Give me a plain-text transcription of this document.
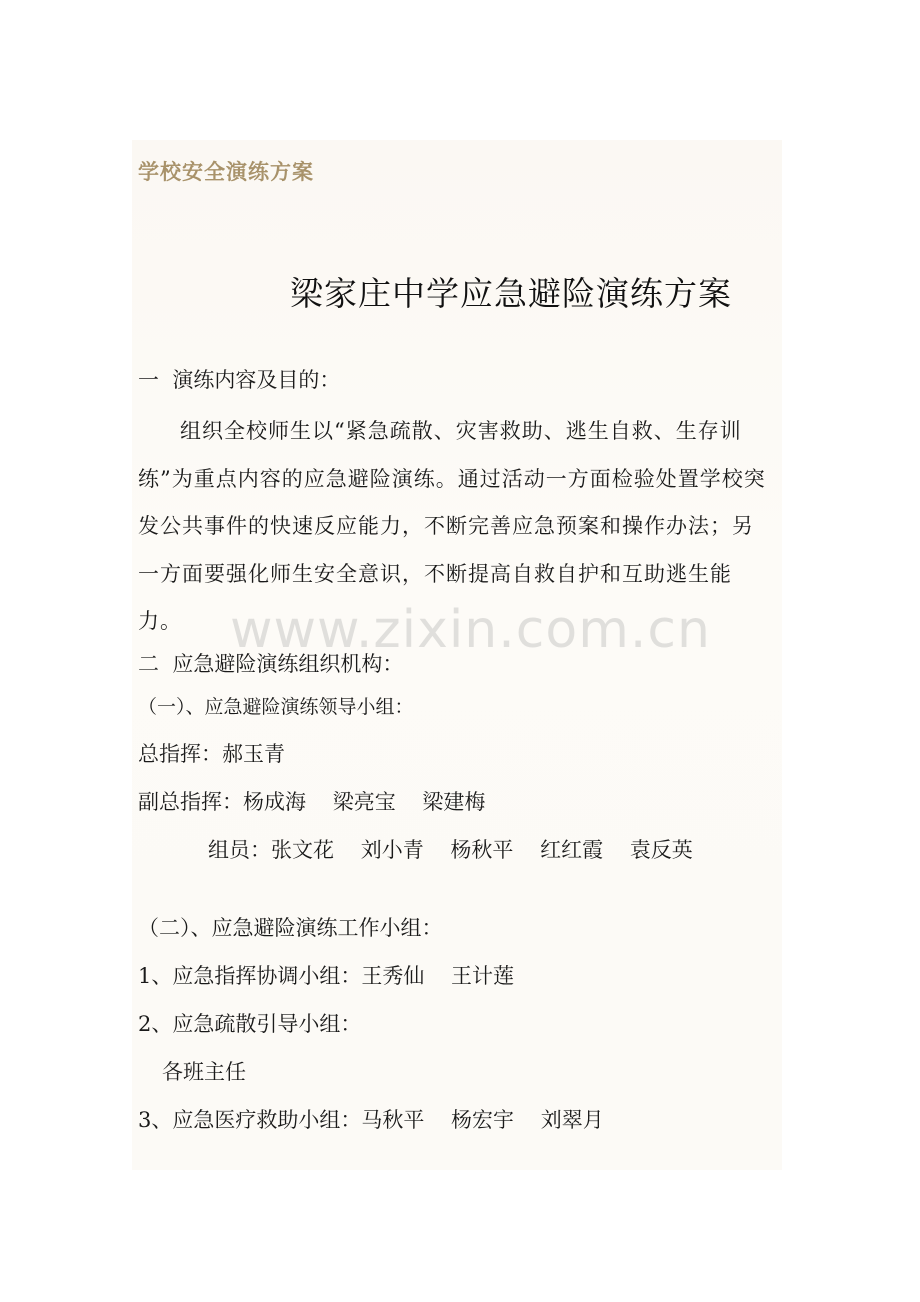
学校安全演练方案
梁家庄中学应急避险演练方案
一  演练内容及目的：
组织全校师生以“紧急疏散、灾害救助、逃生自救、生存训练”为重点内容的应急避险演练。通过活动一方面检验处置学校突发公共事件的快速反应能力，不断完善应急预案和操作办法；另一方面要强化师生安全意识，不断提高自救自护和互助逃生能力。 www.zixin.com.cn
二  应急避险演练组织机构：
（一）、应急避险演练领导小组：
总指挥：郝玉青
副总指挥：杨成海    梁亮宝    梁建梅
组员：张文花    刘小青    杨秋平    红红霞    袁反英
（二）、应急避险演练工作小组：
1、应急指挥协调小组：王秀仙    王计莲
2、应急疏散引导小组：
各班主任
3、应急医疗救助小组：马秋平    杨宏宇    刘翠月
